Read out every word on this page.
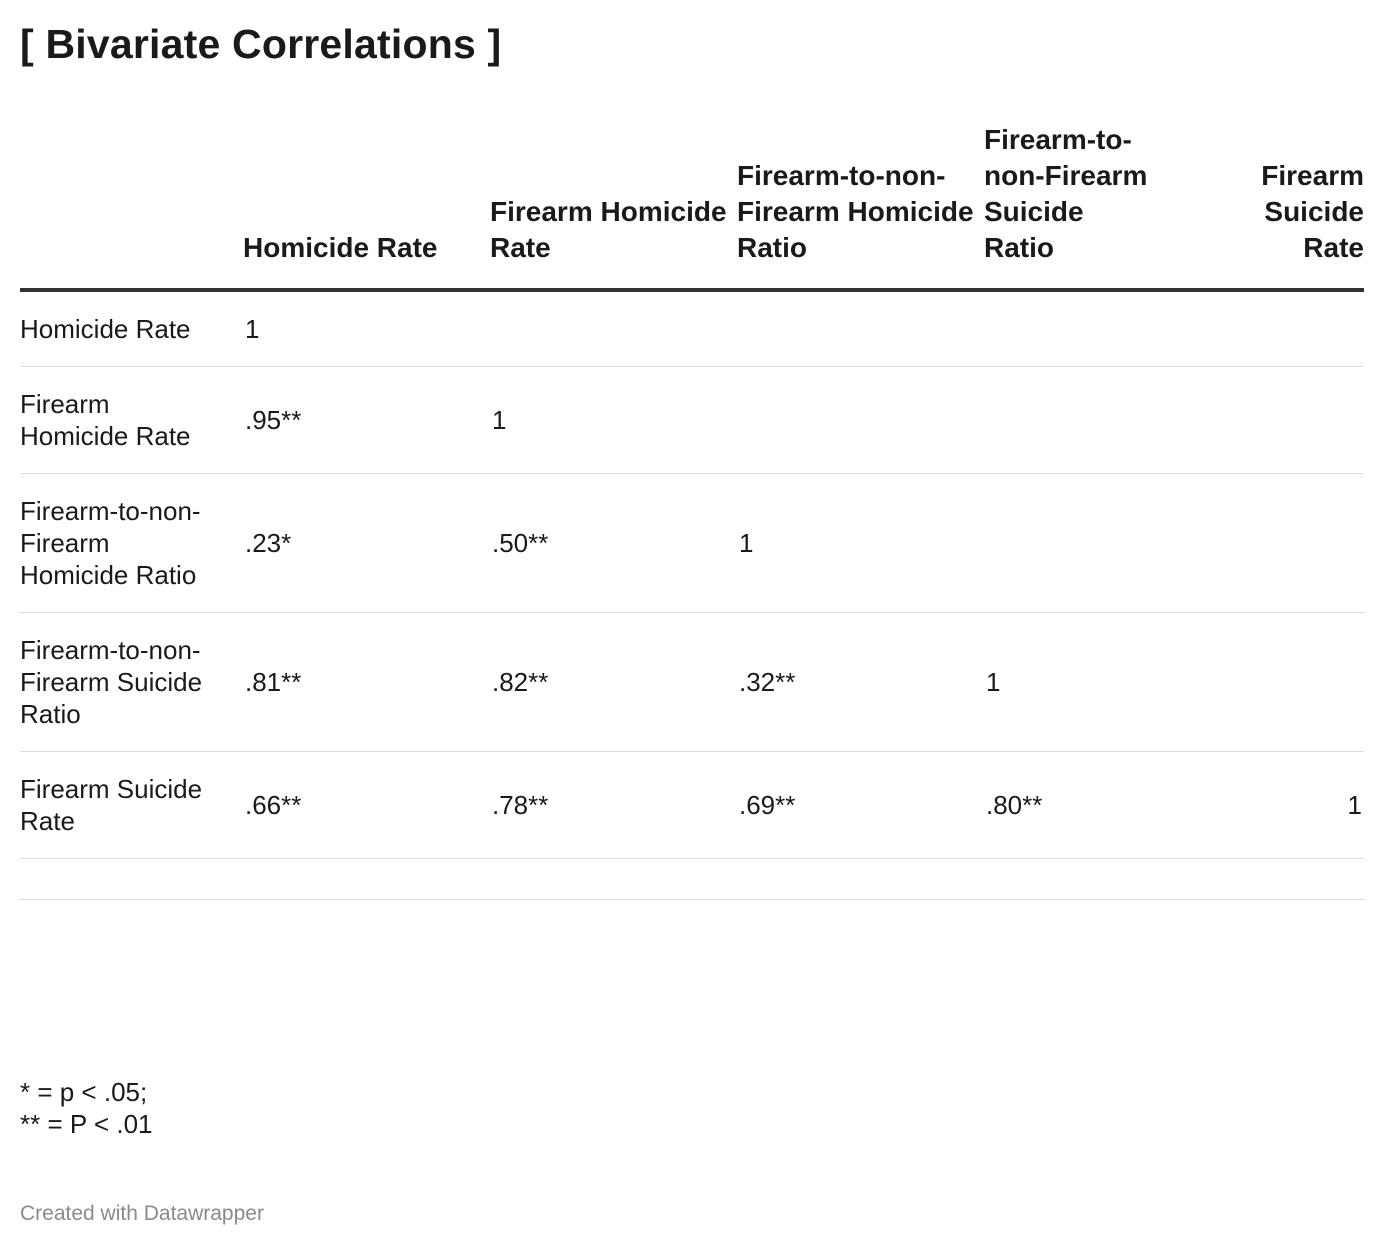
[ Bivariate Correlations ]
	Homicide Rate	Firearm Homicide Rate	Firearm-to-non-Firearm Homicide Ratio	Firearm-to-non-Firearm Suicide Ratio	Firearm Suicide Rate
Homicide Rate	1				
Firearm Homicide Rate	.95**	1			
Firearm-to-non-Firearm Homicide Ratio	.23*	.50**	1		
Firearm-to-non-Firearm Suicide Ratio	.81**	.82**	.32**	1	
Firearm Suicide Rate	.66**	.78**	.69**	.80**	1

* = p < .05;
** = P < .01
Created with Datawrapper
